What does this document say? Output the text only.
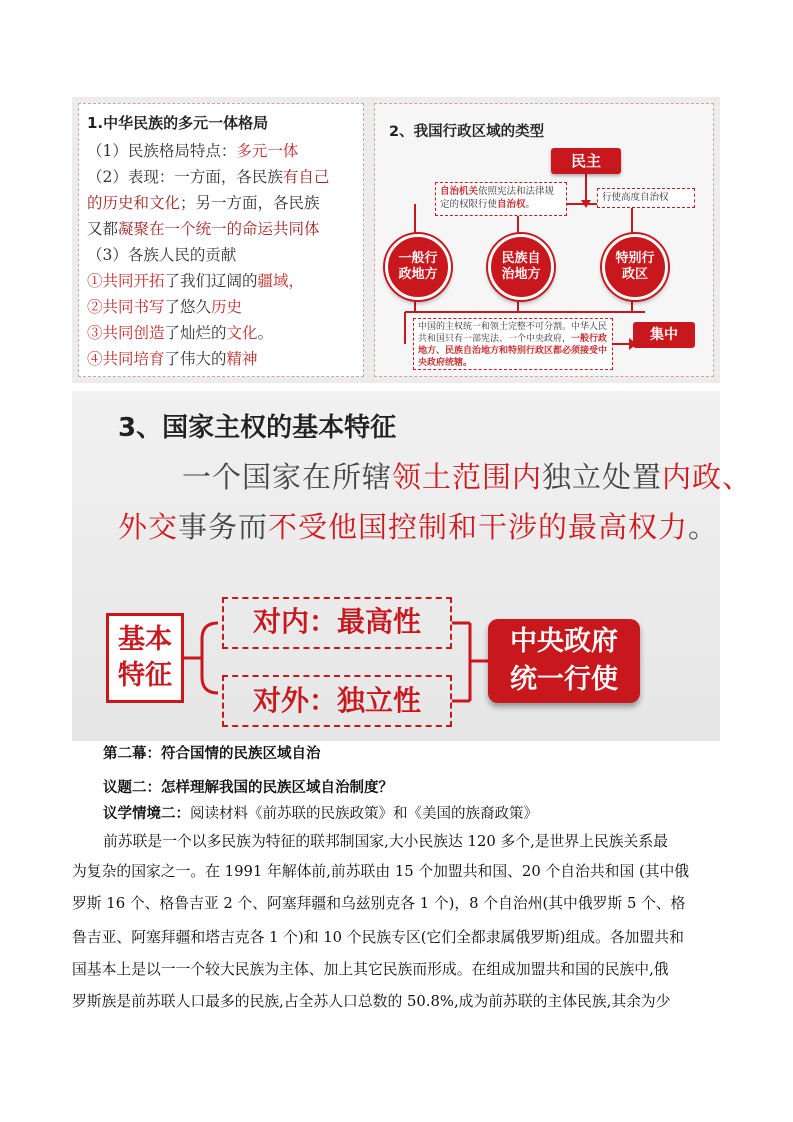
1.中华民族的多元一体格局
（1）民族格局特点：多元一体
（2）表现：一方面，各民族有自己
的历史和文化；另一方面，各民族
又都凝聚在一个统一的命运共同体
（3）各族人民的贡献
①共同开拓了我们辽阔的疆域，
②共同书写了悠久历史
③共同创造了灿烂的文化。
④共同培育了伟大的精神
2、我国行政区域的类型
民主
自治机关依照宪法和法律规定的权限行使自治权。
行使高度自治权
一般行
政地方
民族自
治地方
特别行
政区
中国的主权统一和领土完整不可分割。中华人民共和国只有一部宪法、一个中央政府，一般行政地方、民族自治地方和特别行政区都必须接受中央政府统辖。
集中
3、国家主权的基本特征
一个国家在所辖领土范围内独立处置内政、
外交事务而不受他国控制和干涉的最高权力。
基本
特征
对内：最高性
对外：独立性
中央政府
统一行使
第二幕：符合国情的民族区域自治
议题二：怎样理解我国的民族区域自治制度？
议学情境二：阅读材料《前苏联的民族政策》和《美国的族裔政策》
前苏联是一个以多民族为特征的联邦制国家,大小民族达 120 多个,是世界上民族关系最
为复杂的国家之一。在 1991 年解体前,前苏联由 15 个加盟共和国、20 个自治共和国 (其中俄
罗斯 16 个、格鲁吉亚 2 个、阿塞拜疆和乌兹别克各 1 个)，8 个自治州(其中俄罗斯 5 个、格
鲁吉亚、阿塞拜疆和塔吉克各 1 个)和 10 个民族专区(它们全都隶属俄罗斯)组成。各加盟共和
国基本上是以一一个较大民族为主体、加上其它民族而形成。在组成加盟共和国的民族中,俄
罗斯族是前苏联人口最多的民族,占全苏人口总数的 50.8%,成为前苏联的主体民族,其余为少
